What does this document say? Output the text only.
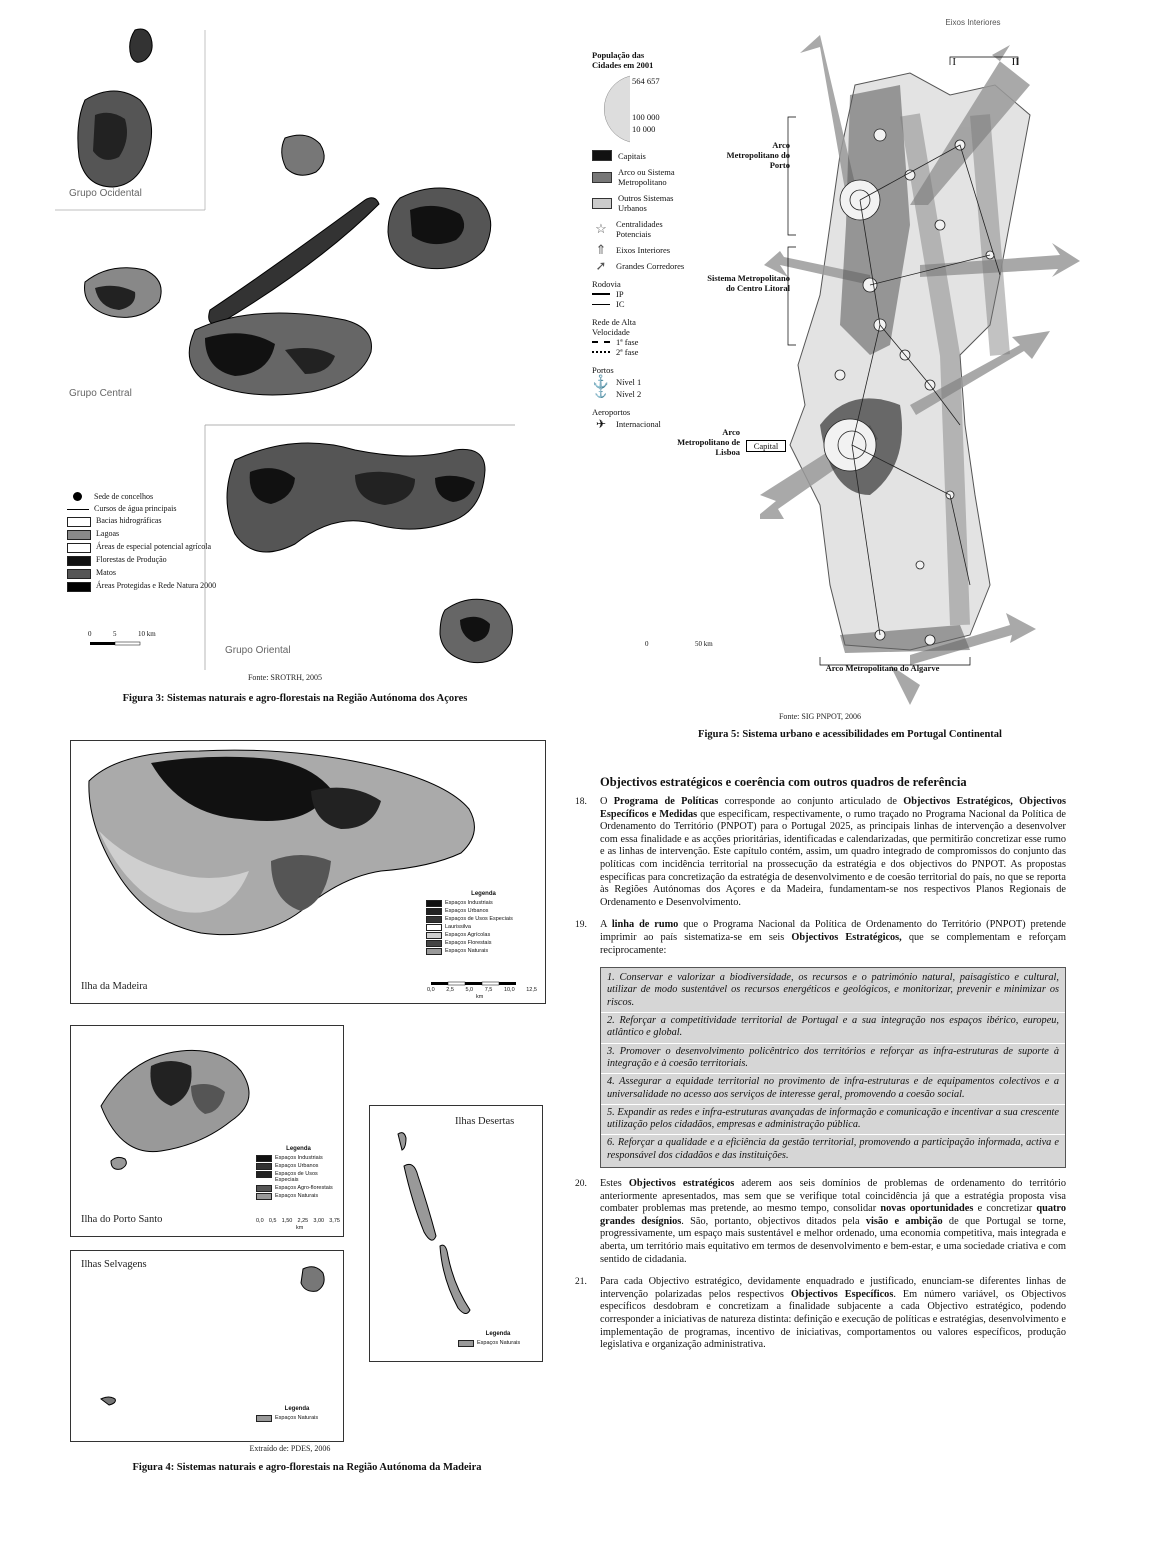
Grupo Ocidental
Grupo Central
Grupo Oriental
Sede de concelhos
Cursos de água principais
Bacias hidrográficas
Lagoas
Áreas de especial potencial agrícola
Florestas de Produção
Matos
Áreas Protegidas e Rede Natura 2000
0	5	10 km
Fonte: SROTRH, 2005
Figura 3: Sistemas naturais e agro-florestais na Região Autónoma dos Açores
Ilha da Madeira
Legenda
Espaços Industriais
Espaços Urbanos
Espaços de Usos Especiais
Laurissilva
Espaços Agrícolas
Espaços Florestais
Espaços Naturais
0,0 2,5 5,0 7,5 10,0 12,5
km
Ilha do Porto Santo
Legenda
Espaços Industriais
Espaços Urbanos
Espaços de Usos Especiais
Espaços Agro-florestais
Espaços Naturais
0,0 0,5 1,50 2,25 3,00 3,75
km
Ilhas Desertas
Legenda
Espaços Naturais
Ilhas Selvagens
Legenda
Espaços Naturais
Extraído de: PDES, 2006
Figura 4: Sistemas naturais e agro-florestais na Região Autónoma da Madeira
População das Cidades em 2001
564 657
100 000
10 000
Capitais
Arco ou Sistema Metropolitano
Outros Sistemas Urbanos
☆	Centralidades Potenciais
⇑	Eixos Interiores
➚	Grandes Corredores
Rodovia
IP
IC
Rede de Alta Velocidade
1ª fase
2ª fase
Portos
⚓ Nível 1
⚓	Nível 2
Aeroportos
✈	Internacional
0	50 km
Eixos Interiores
I	II
Arco Metropolitano do Porto
Sistema Metropolitano do Centro Litoral
Arco Metropolitano de Lisboa
Capital
Arco Metropolitano do Algarve
Fonte: SIG PNPOT, 2006
Figura 5: Sistema urbano e acessibilidades em Portugal Continental
Objectivos estratégicos e coerência com outros quadros de referência
18. O Programa de Políticas corresponde ao conjunto articulado de Objectivos Estratégicos, Objectivos Específicos e Medidas que especificam, respectivamente, o rumo traçado no Programa Nacional da Política de Ordenamento do Território (PNPOT) para o Portugal 2025, as principais linhas de intervenção a desenvolver com essa finalidade e as acções prioritárias, identificadas e calendarizadas, que permitirão concretizar esse rumo e as linhas de intervenção. Este capítulo contém, assim, um quadro integrado de compromissos do conjunto das políticas com incidência territorial na prossecução da estratégia e dos objectivos do PNPOT. As propostas específicas para concretização da estratégia de desenvolvimento e de coesão territorial do país, no que se reporta às Regiões Autónomas dos Açores e da Madeira, fundamentam-se nos respectivos Planos Regionais de Ordenamento e Desenvolvimento.
19. A linha de rumo que o Programa Nacional da Política de Ordenamento do Território (PNPOT) pretende imprimir ao país sistematiza-se em seis Objectivos Estratégicos, que se complementam e reforçam reciprocamente:
1. Conservar e valorizar a biodiversidade, os recursos e o património natural, paisagístico e cultural, utilizar de modo sustentável os recursos energéticos e geológicos, e monitorizar, prevenir e minimizar os riscos.
2. Reforçar a competitividade territorial de Portugal e a sua integração nos espaços ibérico, europeu, atlântico e global.
3. Promover o desenvolvimento policêntrico dos territórios e reforçar as infra-estruturas de suporte à integração e à coesão territoriais.
4. Assegurar a equidade territorial no provimento de infra-estruturas e de equipamentos colectivos e a universalidade no acesso aos serviços de interesse geral, promovendo a coesão social.
5. Expandir as redes e infra-estruturas avançadas de informação e comunicação e incentivar a sua crescente utilização pelos cidadãos, empresas e administração pública.
6. Reforçar a qualidade e a eficiência da gestão territorial, promovendo a participação informada, activa e responsável dos cidadãos e das instituições.
20. Estes Objectivos estratégicos aderem aos seis domínios de problemas de ordenamento do território anteriormente apresentados, mas sem que se verifique total coincidência já que a estratégia proposta visa combater problemas mas pretende, ao mesmo tempo, consolidar novas oportunidades e concretizar quatro grandes desígnios. São, portanto, objectivos ditados pela visão e ambição de que Portugal se torne, progressivamente, um espaço mais sustentável e melhor ordenado, uma economia competitiva, mais integrada e aberta, um território mais equitativo em termos de desenvolvimento e bem-estar, e uma sociedade criativa e com sentido de cidadania.
21. Para cada Objectivo estratégico, devidamente enquadrado e justificado, enunciam-se diferentes linhas de intervenção polarizadas pelos respectivos Objectivos Específicos. Em número variável, os Objectivos específicos desdobram e concretizam a finalidade subjacente a cada Objectivo estratégico, podendo corresponder a iniciativas de natureza distinta: definição e execução de políticas e estratégias, desenvolvimento e implementação de programas, incentivo de iniciativas, comportamentos ou valores específicos, produção legislativa e organização administrativa.
